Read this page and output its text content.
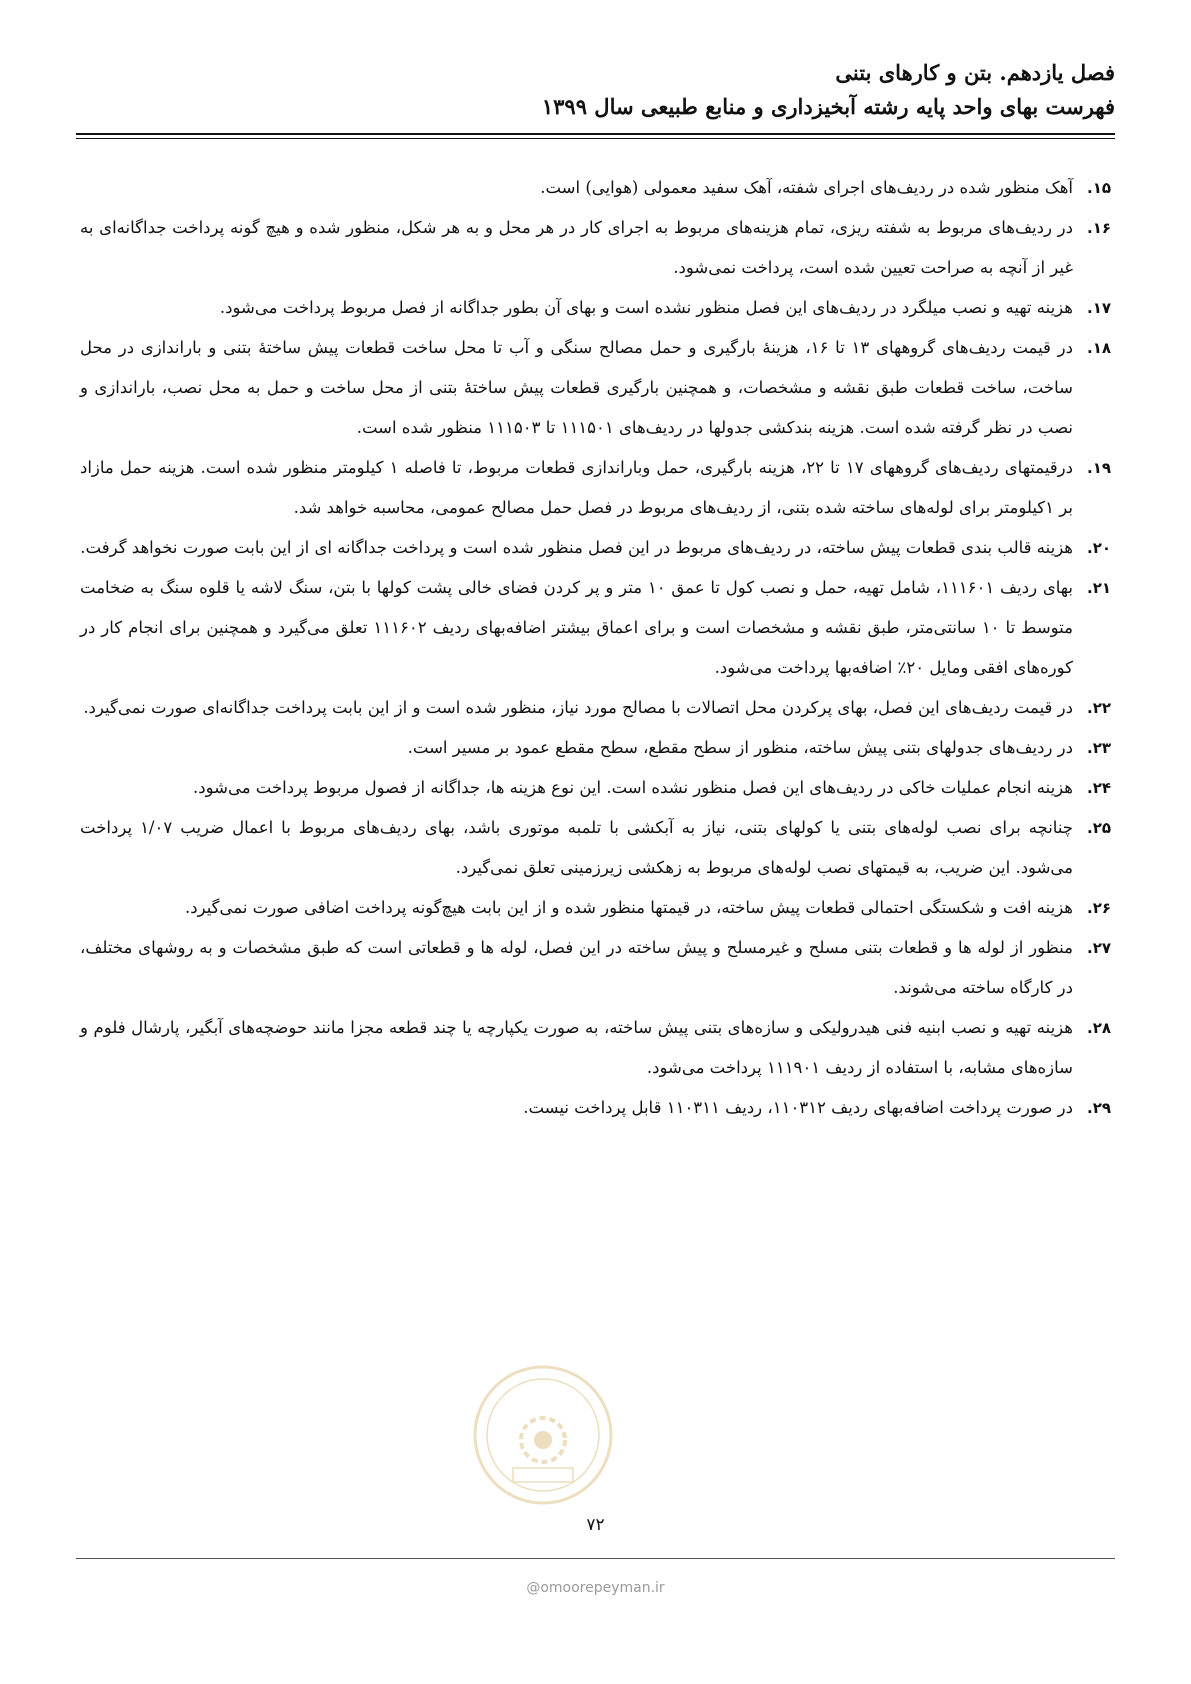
فصل یازدهم. بتن و کارهای بتنی
فهرست بهای واحد پایه رشته آبخیزداری و منابع طبیعی سال ۱۳۹۹
۱۵.
آهک منظور شده در ردیف‌های اجرای شفته، آهک سفید معمولی (هوایی) است.
۱۶.
در ردیف‌های مربوط به شفته ریزی، تمام هزینه‌های مربوط به اجرای کار در هر محل و به هر شکل، منظور شده و هیچ گونه پرداخت جداگانه‌ای به غیر از آنچه به صراحت تعیین شده است، پرداخت نمی‌شود.
۱۷.
هزینه تهیه و نصب میلگرد در ردیف‌های این فصل منظور نشده است و بهای آن بطور جداگانه از فصل مربوط پرداخت می‌شود.
۱۸.
در قیمت ردیف‌های گروههای ۱۳ تا ۱۶، هزینهٔ بارگیری و حمل مصالح سنگی و آب تا محل ساخت قطعات پیش ساختهٔ بتنی و باراندازی در محل ساخت، ساخت قطعات طبق نقشه و مشخصات، و همچنین بارگیری قطعات پیش ساختهٔ بتنی از محل ساخت و حمل به محل نصب، باراندازی و نصب در نظر گرفته شده است. هزینه بندکشی جدولها در ردیف‌های ۱۱۱۵۰۱ تا ۱۱۱۵۰۳ منظور شده است.
۱۹.
درقیمتهای ردیف‌های گروههای ۱۷ تا ۲۲، هزینه بارگیری، حمل وباراندازی قطعات مربوط، تا فاصله ۱ کیلومتر منظور شده است. هزینه حمل مازاد بر ۱کیلومتر برای لوله‌های ساخته شده بتنی، از ردیف‌های مربوط در فصل حمل مصالح عمومی، محاسبه خواهد شد.
۲۰.
هزینه قالب بندی قطعات پیش ساخته، در ردیف‌های مربوط در این فصل منظور شده است و پرداخت جداگانه ای از این بابت صورت نخواهد گرفت.
۲۱.
بهای ردیف ۱۱۱۶۰۱، شامل تهیه، حمل و نصب کول تا عمق ۱۰ متر و پر کردن فضای خالی پشت کولها با بتن، سنگ لاشه یا قلوه سنگ به ضخامت متوسط تا ۱۰ سانتی‌متر، طبق نقشه و مشخصات است و برای اعماق بیشتر اضافه‌بهای ردیف ۱۱۱۶۰۲ تعلق می‌گیرد و همچنین برای انجام کار در کوره‌های افقی ومایل ۲۰٪ اضافه‌بها پرداخت می‌شود.
۲۲.
در قیمت ردیف‌های این فصل، بهای پرکردن محل اتصالات با مصالح مورد نیاز، منظور شده است و از این بابت پرداخت جداگانه‌ای صورت نمی‌گیرد.
۲۳.
در ردیف‌های جدولهای بتنی پیش ساخته، منظور از سطح مقطع، سطح مقطع عمود بر مسیر است.
۲۴.
هزینه انجام عملیات خاکی در ردیف‌های این فصل منظور نشده است. این نوع هزینه ها، جداگانه از فصول مربوط پرداخت می‌شود.
۲۵.
چنانچه برای نصب لوله‌های بتنی یا کولهای بتنی، نیاز به آبکشی با تلمبه موتوری باشد، بهای ردیف‌های مربوط با اعمال ضریب ۱/۰۷ پرداخت می‌شود. این ضریب، به قیمتهای نصب لوله‌های مربوط به زهکشی زیرزمینی تعلق نمی‌گیرد.
۲۶.
هزینه افت و شکستگی احتمالی قطعات پیش ساخته، در قیمتها منظور شده و از این بابت هیچ‌گونه پرداخت اضافی صورت نمی‌گیرد.
۲۷.
منظور از لوله ها و قطعات بتنی مسلح و غیرمسلح و پیش ساخته در این فصل، لوله ها و قطعاتی است که طبق مشخصات و به روشهای مختلف، در کارگاه ساخته می‌شوند.
۲۸.
هزینه تهیه و نصب ابنیه فنی هیدرولیکی و سازه‌های بتنی پیش ساخته، به صورت یکپارچه یا چند قطعه مجزا مانند حوضچه‌های آبگیر، پارشال فلوم و سازه‌های مشابه، با استفاده از ردیف ۱۱۱۹۰۱ پرداخت می‌شود.
۲۹.
در صورت پرداخت اضافه‌بهای ردیف ۱۱۰۳۱۲، ردیف ۱۱۰۳۱۱ قابل پرداخت نیست.
۷۲
@omoorepeyman.ir
